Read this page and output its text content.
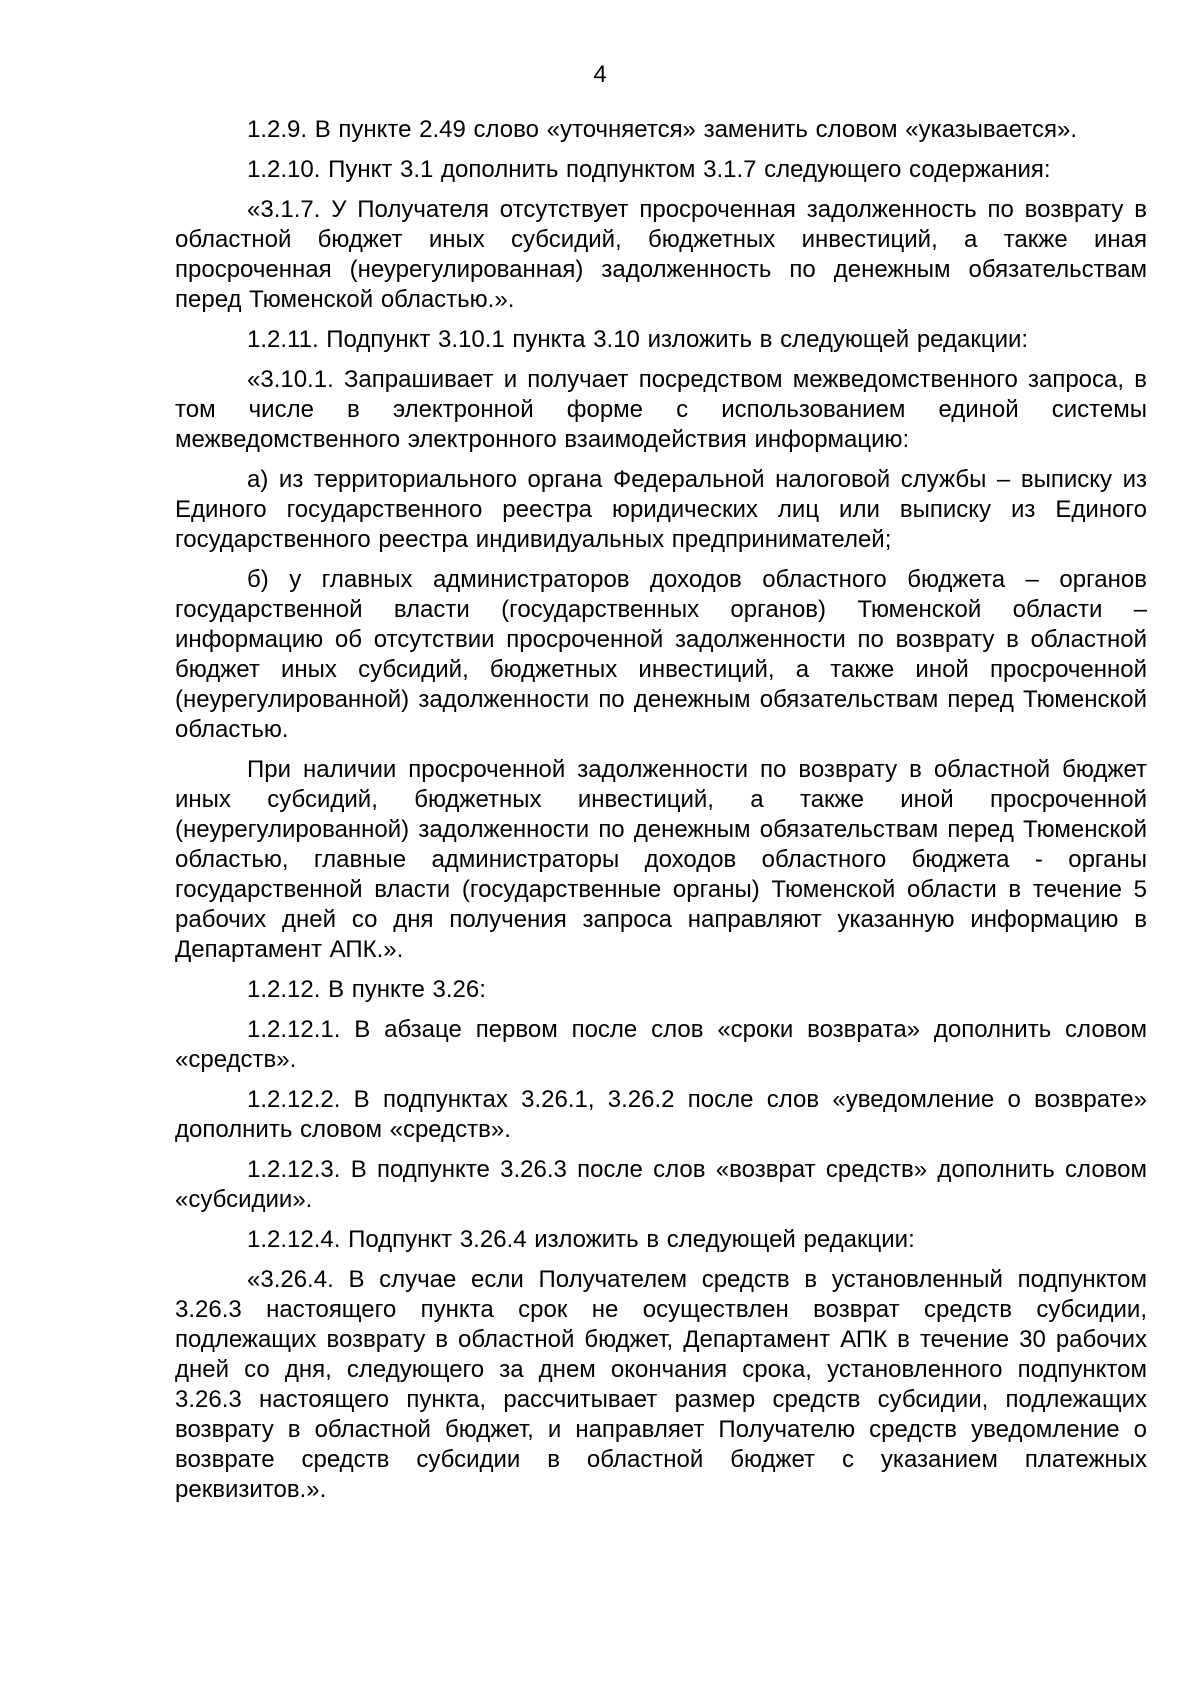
4

1.2.9. В пункте 2.49 слово «уточняется» заменить словом «указывается».

1.2.10. Пункт 3.1 дополнить подпунктом 3.1.7 следующего содержания:

«3.1.7. У Получателя отсутствует просроченная задолженность по возврату в областной бюджет иных субсидий, бюджетных инвестиций, а также иная просроченная (неурегулированная) задолженность по денежным обязательствам перед Тюменской областью.».

1.2.11. Подпункт 3.10.1 пункта 3.10 изложить в следующей редакции:

«3.10.1. Запрашивает и получает посредством межведомственного запроса, в том числе в электронной форме с использованием единой системы межведомственного электронного взаимодействия информацию:

а) из территориального органа Федеральной налоговой службы – выписку из Единого государственного реестра юридических лиц или выписку из Единого государственного реестра индивидуальных предпринимателей;

б) у главных администраторов доходов областного бюджета – органов государственной власти (государственных органов) Тюменской области – информацию об отсутствии просроченной задолженности по возврату в областной бюджет иных субсидий, бюджетных инвестиций, а также иной просроченной (неурегулированной) задолженности по денежным обязательствам перед Тюменской областью.

При наличии просроченной задолженности по возврату в областной бюджет иных субсидий, бюджетных инвестиций, а также иной просроченной (неурегулированной) задолженности по денежным обязательствам перед Тюменской областью, главные администраторы доходов областного бюджета - органы государственной власти (государственные органы) Тюменской области в течение 5 рабочих дней со дня получения запроса направляют указанную информацию в Департамент АПК.».

1.2.12. В пункте 3.26:

1.2.12.1. В абзаце первом после слов «сроки возврата» дополнить словом «средств».

1.2.12.2. В подпунктах 3.26.1, 3.26.2 после слов «уведомление о возврате» дополнить словом «средств».

1.2.12.3. В подпункте 3.26.3 после слов «возврат средств» дополнить словом «субсидии».

1.2.12.4. Подпункт 3.26.4 изложить в следующей редакции:

«3.26.4. В случае если Получателем средств в установленный подпунктом 3.26.3 настоящего пункта срок не осуществлен возврат средств субсидии, подлежащих возврату в областной бюджет, Департамент АПК в течение 30 рабочих дней со дня, следующего за днем окончания срока, установленного подпунктом 3.26.3 настоящего пункта, рассчитывает размер средств субсидии, подлежащих возврату в областной бюджет, и направляет Получателю средств уведомление о возврате средств субсидии в областной бюджет с указанием платежных реквизитов.».
